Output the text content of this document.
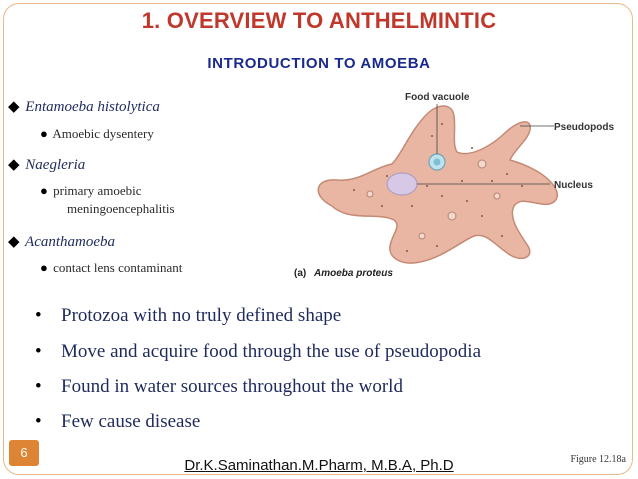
1. OVERVIEW TO ANTHELMINTIC
INTRODUCTION TO AMOEBA
◆ Entamoeba histolytica
● Amoebic dysentery
◆ Naegleria
● primary amoebic
meningoencephalitis
◆ Acanthamoeba
● contact lens contaminant
Food vacuole
Pseudopods
Nucleus
(a) Amoeba proteus
• Protozoa with no truly defined shape
• Move and acquire food through the use of pseudopodia
• Found in water sources throughout the world
• Few cause disease
Figure 12.18a
6
Dr.K.Saminathan.M.Pharm, M.B.A, Ph.D
